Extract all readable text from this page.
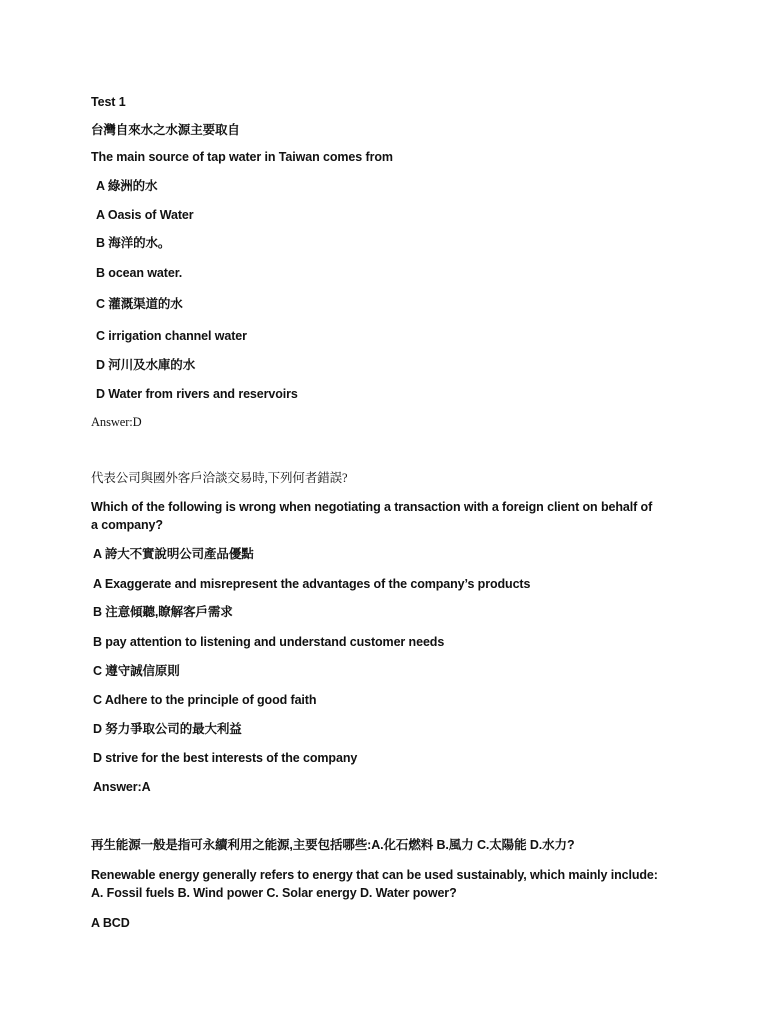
Test 1
台灣自來水之水源主要取自
The main source of tap water in Taiwan comes from
A 綠洲的水
A Oasis of Water
B 海洋的水。
B ocean water.
C 灌溉渠道的水
C irrigation channel water
D 河川及水庫的水
D Water from rivers and reservoirs
Answer:D
代表公司與國外客戶洽談交易時,下列何者錯誤?
Which of the following is wrong when negotiating a transaction with a foreign client on behalf of a company?
A 誇大不實說明公司產品優點
A Exaggerate and misrepresent the advantages of the company’s products
B 注意傾聽,瞭解客戶需求
B pay attention to listening and understand customer needs
C 遵守誠信原則
C Adhere to the principle of good faith
D 努力爭取公司的最大利益
D strive for the best interests of the company
Answer:A
再生能源一般是指可永續利用之能源,主要包括哪些:A.化石燃料 B.風力 C.太陽能 D.水力?
Renewable energy generally refers to energy that can be used sustainably, which mainly include: A. Fossil fuels B. Wind power C. Solar energy D. Water power?
A BCD
